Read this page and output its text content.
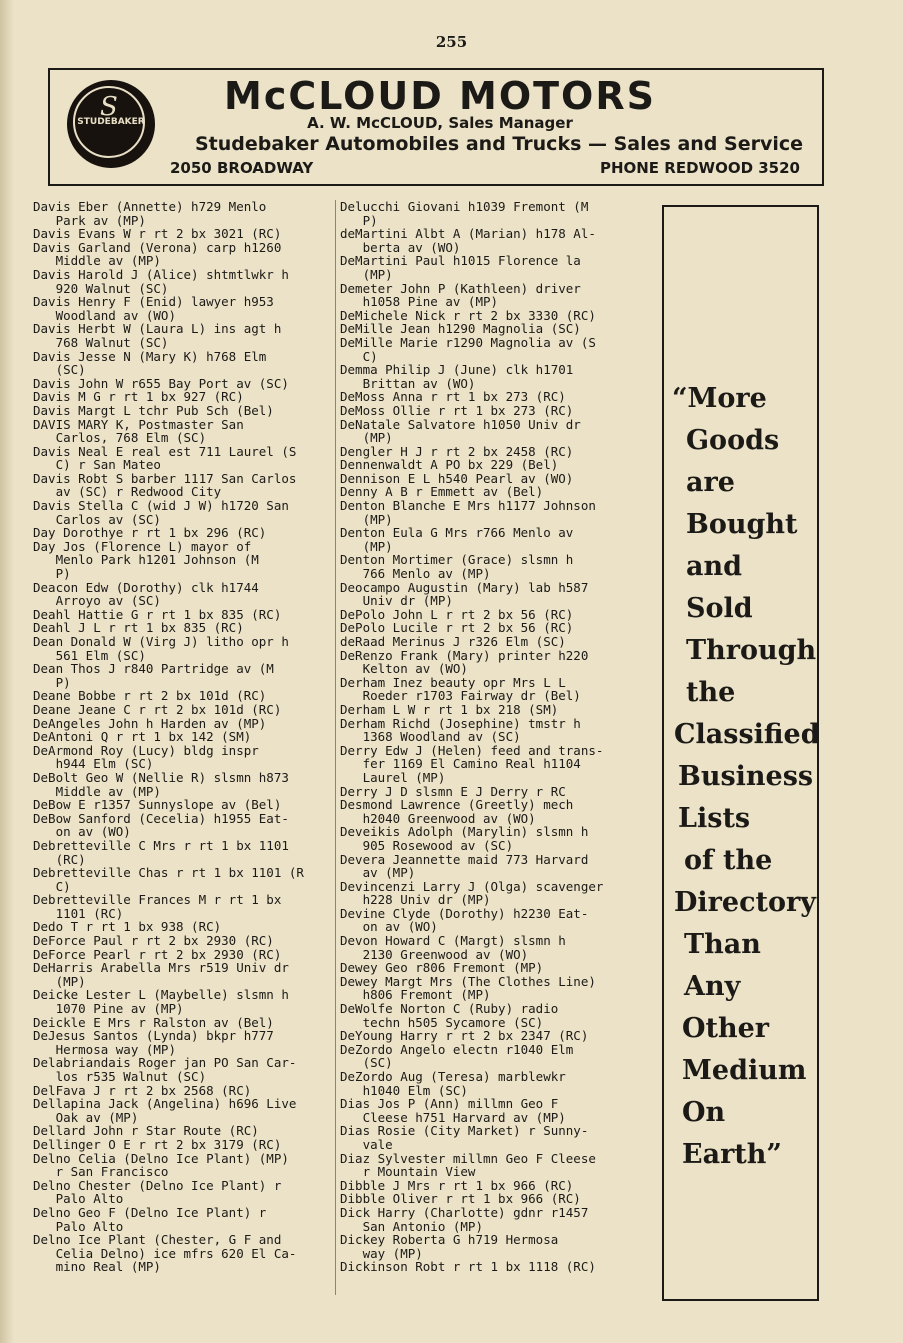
255
S
STUDEBAKER
McCLOUD MOTORS
A. W. McCLOUD, Sales Manager
Studebaker Automobiles and Trucks — Sales and Service
2050 BROADWAY	PHONE REDWOOD 3520
Davis Eber (Annette) h729 Menlo
Park av (MP)
Davis Evans W r rt 2 bx 3021 (RC)
Davis Garland (Verona) carp h1260
Middle av (MP)
Davis Harold J (Alice) shtmtlwkr h
920 Walnut (SC)
Davis Henry F (Enid) lawyer h953
Woodland av (WO)
Davis Herbt W (Laura L) ins agt h
768 Walnut (SC)
Davis Jesse N (Mary K) h768 Elm
(SC)
Davis John W r655 Bay Port av (SC)
Davis M G r rt 1 bx 927 (RC)
Davis Margt L tchr Pub Sch (Bel)
DAVIS MARY K, Postmaster San
Carlos, 768 Elm (SC)
Davis Neal E real est 711 Laurel (S
C) r San Mateo
Davis Robt S barber 1117 San Carlos
av (SC) r Redwood City
Davis Stella C (wid J W) h1720 San
Carlos av (SC)
Day Dorothye r rt 1 bx 296 (RC)
Day Jos (Florence L) mayor of
Menlo Park h1201 Johnson (M
P)
Deacon Edw (Dorothy) clk h1744
Arroyo av (SC)
Deahl Hattie G r rt 1 bx 835 (RC)
Deahl J L r rt 1 bx 835 (RC)
Dean Donald W (Virg J) litho opr h
561 Elm (SC)
Dean Thos J r840 Partridge av (M
P)
Deane Bobbe r rt 2 bx 101d (RC)
Deane Jeane C r rt 2 bx 101d (RC)
DeAngeles John h Harden av (MP)
DeAntoni Q r rt 1 bx 142 (SM)
DeArmond Roy (Lucy) bldg inspr
h944 Elm (SC)
DeBolt Geo W (Nellie R) slsmn h873
Middle av (MP)
DeBow E r1357 Sunnyslope av (Bel)
DeBow Sanford (Cecelia) h1955 Eat-
on av (WO)
Debretteville C Mrs r rt 1 bx 1101
(RC)
Debretteville Chas r rt 1 bx 1101 (R
C)
Debretteville Frances M r rt 1 bx
1101 (RC)
Dedo T r rt 1 bx 938 (RC)
DeForce Paul r rt 2 bx 2930 (RC)
DeForce Pearl r rt 2 bx 2930 (RC)
DeHarris Arabella Mrs r519 Univ dr
(MP)
Deicke Lester L (Maybelle) slsmn h
1070 Pine av (MP)
Deickle E Mrs r Ralston av (Bel)
DeJesus Santos (Lynda) bkpr h777
Hermosa way (MP)
Delabriandais Roger jan PO San Car-
los r535 Walnut (SC)
DelFava J r rt 2 bx 2568 (RC)
Dellapina Jack (Angelina) h696 Live
Oak av (MP)
Dellard John r Star Route (RC)
Dellinger O E r rt 2 bx 3179 (RC)
Delno Celia (Delno Ice Plant) (MP)
r San Francisco
Delno Chester (Delno Ice Plant) r
Palo Alto
Delno Geo F (Delno Ice Plant) r
Palo Alto
Delno Ice Plant (Chester, G F and
Celia Delno) ice mfrs 620 El Ca-
mino Real (MP)
Delucchi Giovani h1039 Fremont (M
P)
deMartini Albt A (Marian) h178 Al-
berta av (WO)
DeMartini Paul h1015 Florence la
(MP)
Demeter John P (Kathleen) driver
h1058 Pine av (MP)
DeMichele Nick r rt 2 bx 3330 (RC)
DeMille Jean h1290 Magnolia (SC)
DeMille Marie r1290 Magnolia av (S
C)
Demma Philip J (June) clk h1701
Brittan av (WO)
DeMoss Anna r rt 1 bx 273 (RC)
DeMoss Ollie r rt 1 bx 273 (RC)
DeNatale Salvatore h1050 Univ dr
(MP)
Dengler H J r rt 2 bx 2458 (RC)
Dennenwaldt A PO bx 229 (Bel)
Dennison E L h540 Pearl av (WO)
Denny A B r Emmett av (Bel)
Denton Blanche E Mrs h1177 Johnson
(MP)
Denton Eula G Mrs r766 Menlo av
(MP)
Denton Mortimer (Grace) slsmn h
766 Menlo av (MP)
Deocampo Augustin (Mary) lab h587
Univ dr (MP)
DePolo John L r rt 2 bx 56 (RC)
DePolo Lucile r rt 2 bx 56 (RC)
deRaad Merinus J r326 Elm (SC)
DeRenzo Frank (Mary) printer h220
Kelton av (WO)
Derham Inez beauty opr Mrs L L
Roeder r1703 Fairway dr (Bel)
Derham L W r rt 1 bx 218 (SM)
Derham Richd (Josephine) tmstr h
1368 Woodland av (SC)
Derry Edw J (Helen) feed and trans-
fer 1169 El Camino Real h1104
Laurel (MP)
Derry J D slsmn E J Derry r RC
Desmond Lawrence (Greetly) mech
h2040 Greenwood av (WO)
Deveikis Adolph (Marylin) slsmn h
905 Rosewood av (SC)
Devera Jeannette maid 773 Harvard
av (MP)
Devincenzi Larry J (Olga) scavenger
h228 Univ dr (MP)
Devine Clyde (Dorothy) h2230 Eat-
on av (WO)
Devon Howard C (Margt) slsmn h
2130 Greenwood av (WO)
Dewey Geo r806 Fremont (MP)
Dewey Margt Mrs (The Clothes Line)
h806 Fremont (MP)
DeWolfe Norton C (Ruby) radio
techn h505 Sycamore (SC)
DeYoung Harry r rt 2 bx 2347 (RC)
DeZordo Angelo electn r1040 Elm
(SC)
DeZordo Aug (Teresa) marblewkr
h1040 Elm (SC)
Dias Jos P (Ann) millmn Geo F
Cleese h751 Harvard av (MP)
Dias Rosie (City Market) r Sunny-
vale
Diaz Sylvester millmn Geo F Cleese
r Mountain View
Dibble J Mrs r rt 1 bx 966 (RC)
Dibble Oliver r rt 1 bx 966 (RC)
Dick Harry (Charlotte) gdnr r1457
San Antonio (MP)
Dickey Roberta G h719 Hermosa
way (MP)
Dickinson Robt r rt 1 bx 1118 (RC)
“More
Goods
are
Bought
and
Sold
Through
the
Classified
Business
Lists
of the
Directory
Than
Any
Other
Medium
On
Earth”
